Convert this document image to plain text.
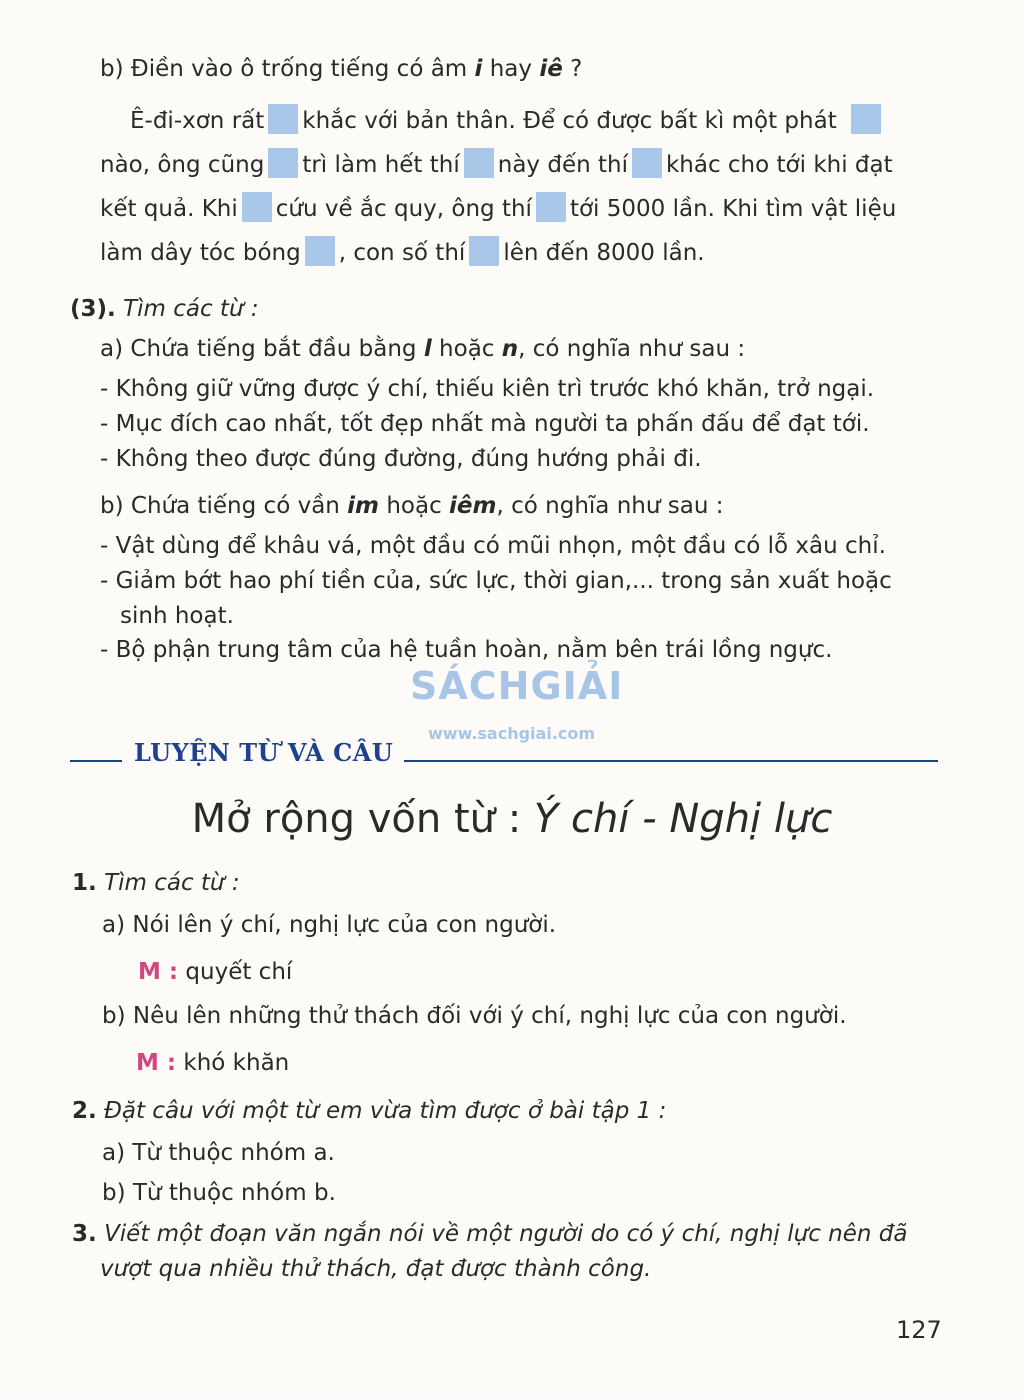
b) Điền vào ô trống tiếng có âm i hay iê ?
Ê-đi-xơn rất khắc với bản thân. Để có được bất kì một phát
nào, ông cũng trì làm hết thí này đến thí khác cho tới khi đạt
kết quả. Khi cứu về ắc quy, ông thí tới 5000 lần. Khi tìm vật liệu
làm dây tóc bóng , con số thí lên đến 8000 lần.
(3). Tìm các từ :
a) Chứa tiếng bắt đầu bằng l hoặc n, có nghĩa như sau :
- Không giữ vững được ý chí, thiếu kiên trì trước khó khăn, trở ngại.
- Mục đích cao nhất, tốt đẹp nhất mà người ta phấn đấu để đạt tới.
- Không theo được đúng đường, đúng hướng phải đi.
b) Chứa tiếng có vần im hoặc iêm, có nghĩa như sau :
- Vật dùng để khâu vá, một đầu có mũi nhọn, một đầu có lỗ xâu chỉ.
- Giảm bớt hao phí tiền của, sức lực, thời gian,... trong sản xuất hoặc
sinh hoạt.
- Bộ phận trung tâm của hệ tuần hoàn, nằm bên trái lồng ngực.
SÁCHGIẢI
www.sachgiai.com
LUYỆN TỪ VÀ CÂU
Mở rộng vốn từ : Ý chí - Nghị lực
1. Tìm các từ :
a) Nói lên ý chí, nghị lực của con người.
M : quyết chí
b) Nêu lên những thử thách đối với ý chí, nghị lực của con người.
M : khó khăn
2. Đặt câu với một từ em vừa tìm được ở bài tập 1 :
a) Từ thuộc nhóm a.
b) Từ thuộc nhóm b.
3. Viết một đoạn văn ngắn nói về một người do có ý chí, nghị lực nên đã
vượt qua nhiều thử thách, đạt được thành công.
127
